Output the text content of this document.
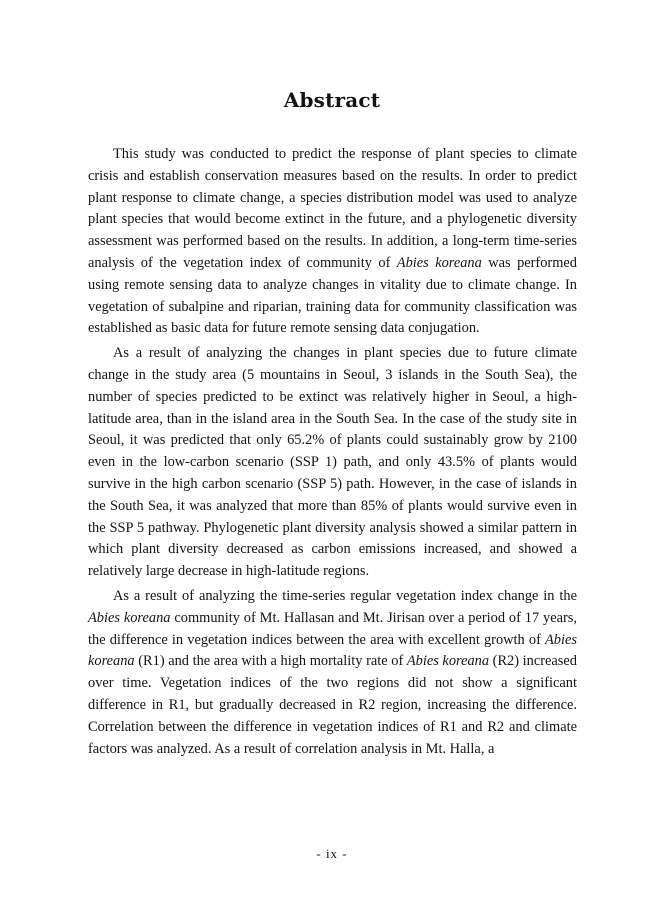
Abstract

This study was conducted to predict the response of plant species to climate crisis and establish conservation measures based on the results. In order to predict plant response to climate change, a species distribution model was used to analyze plant species that would become extinct in the future, and a phylogenetic diversity assessment was performed based on the results. In addition, a long-term time-series analysis of the vegetation index of community of Abies koreana was performed using remote sensing data to analyze changes in vitality due to climate change. In vegetation of subalpine and riparian, training data for community classification was established as basic data for future remote sensing data conjugation.

As a result of analyzing the changes in plant species due to future climate change in the study area (5 mountains in Seoul, 3 islands in the South Sea), the number of species predicted to be extinct was relatively higher in Seoul, a high-latitude area, than in the island area in the South Sea. In the case of the study site in Seoul, it was predicted that only 65.2% of plants could sustainably grow by 2100 even in the low-carbon scenario (SSP 1) path, and only 43.5% of plants would survive in the high carbon scenario (SSP 5) path. However, in the case of islands in the South Sea, it was analyzed that more than 85% of plants would survive even in the SSP 5 pathway. Phylogenetic plant diversity analysis showed a similar pattern in which plant diversity decreased as carbon emissions increased, and showed a relatively large decrease in high-latitude regions.

As a result of analyzing the time-series regular vegetation index change in the Abies koreana community of Mt. Hallasan and Mt. Jirisan over a period of 17 years, the difference in vegetation indices between the area with excellent growth of Abies koreana (R1) and the area with a high mortality rate of Abies koreana (R2) increased over time. Vegetation indices of the two regions did not show a significant difference in R1, but gradually decreased in R2 region, increasing the difference. Correlation between the difference in vegetation indices of R1 and R2 and climate factors was analyzed. As a result of correlation analysis in Mt. Halla, a

- ix -
